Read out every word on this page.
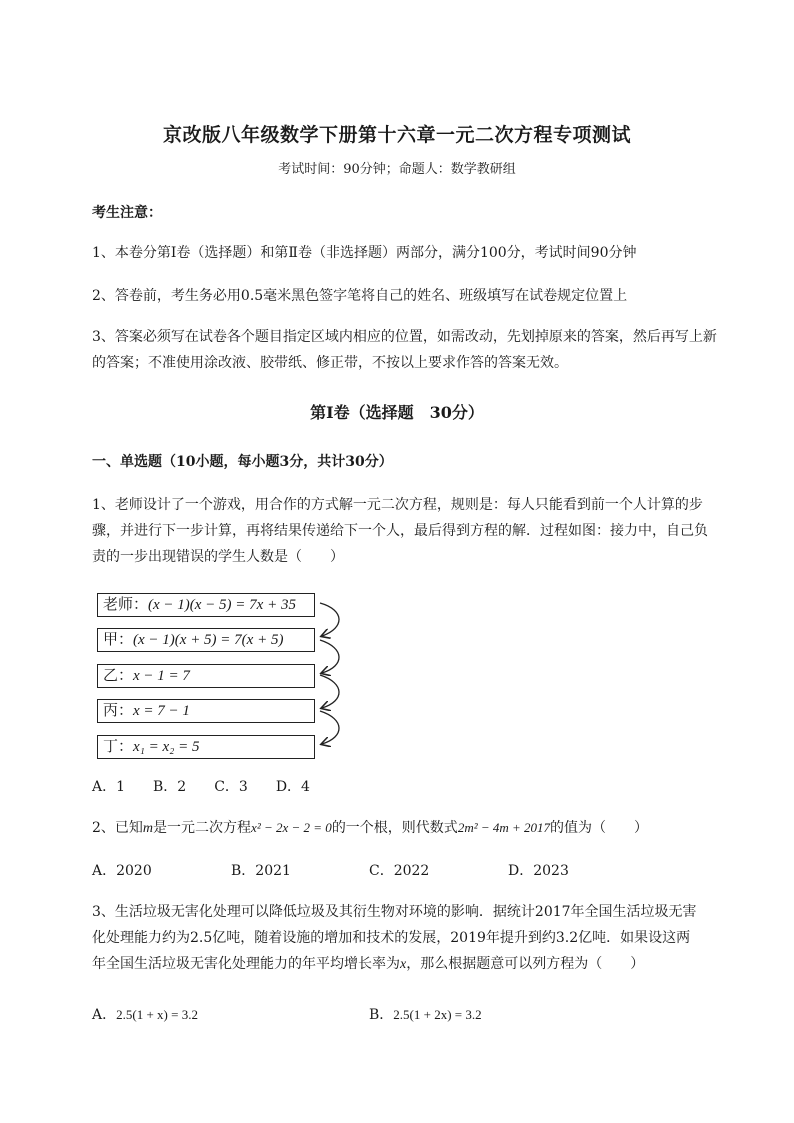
京改版八年级数学下册第十六章一元二次方程专项测试
考试时间：90分钟；命题人：数学教研组
考生注意：
1、本卷分第I卷（选择题）和第Ⅱ卷（非选择题）两部分，满分100分，考试时间90分钟
2、答卷前，考生务必用0.5毫米黑色签字笔将自己的姓名、班级填写在试卷规定位置上
3、答案必须写在试卷各个题目指定区域内相应的位置，如需改动，先划掉原来的答案，然后再写上新
的答案；不准使用涂改液、胶带纸、修正带，不按以上要求作答的答案无效。
第I卷（选择题　30分）
一、单选题（10小题，每小题3分，共计30分）
1、老师设计了一个游戏，用合作的方式解一元二次方程，规则是：每人只能看到前一个人计算的步
骤，并进行下一步计算，再将结果传递给下一个人，最后得到方程的解．过程如图：接力中，自己负
责的一步出现错误的学生人数是（　　）
老师：(x − 1)(x − 5) = 7x + 35
甲：(x − 1)(x + 5) = 7(x + 5)
乙：x − 1 = 7
丙：x = 7 − 1
丁：x₁ = x₂ = 5
A．1　　B．2　　C．3　　D．4
2、已知m是一元二次方程x² − 2x − 2 = 0的一个根，则代数式2m² − 4m + 2017的值为（　　）
A．2020	B．2021	C．2022	D．2023
3、生活垃圾无害化处理可以降低垃圾及其衍生物对环境的影响．据统计2017年全国生活垃圾无害
化处理能力约为2.5亿吨，随着设施的增加和技术的发展，2019年提升到约3.2亿吨．如果设这两
年全国生活垃圾无害化处理能力的年平均增长率为x，那么根据题意可以列方程为（　　）
A．2.5(1 + x) = 3.2	B．2.5(1 + 2x) = 3.2
